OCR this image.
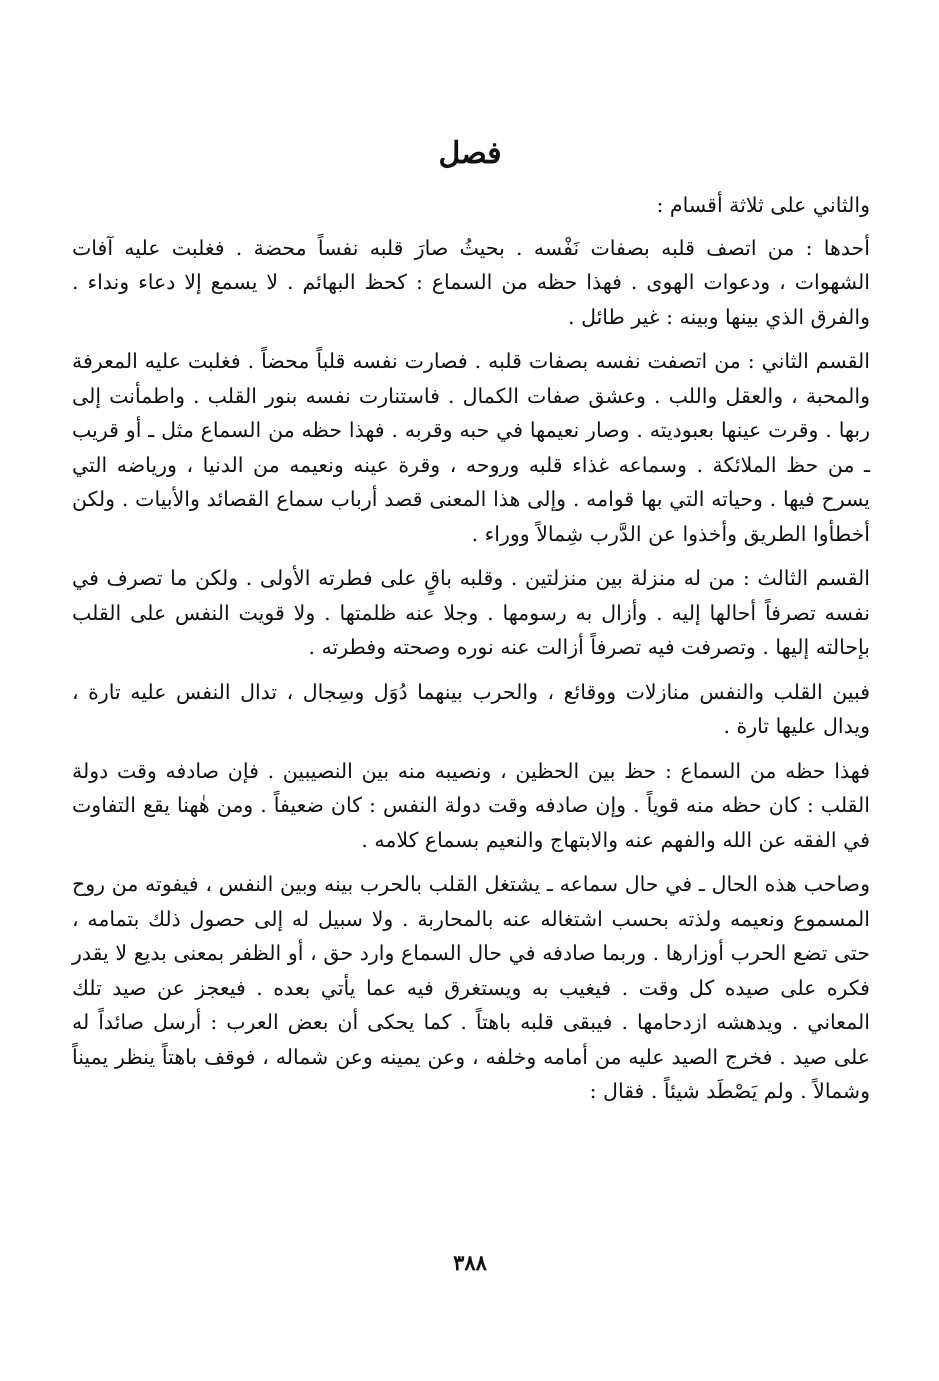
فصل

والثاني على ثلاثة أقسام :

أحدها : من اتصف قلبه بصفات نَفْسه . بحيثُ صارَ قلبه نفساً محضة . فغلبت عليه آفات الشهوات ، ودعوات الهوى . فهذا حظه من السماع : كحظ البهائم . لا يسمع إلا دعاء ونداء . والفرق الذي بينها وبينه : غير طائل .

القسم الثاني : من اتصفت نفسه بصفات قلبه . فصارت نفسه قلباً محضاً . فغلبت عليه المعرفة والمحبة ، والعقل واللب . وعشق صفات الكمال . فاستنارت نفسه بنور القلب . واطمأنت إلى ربها . وقرت عينها بعبوديته . وصار نعيمها في حبه وقربه . فهذا حظه من السماع مثل ـ أو قريب ـ من حظ الملائكة . وسماعه غذاء قلبه وروحه ، وقرة عينه ونعيمه من الدنيا ، ورياضه التي يسرح فيها . وحياته التي بها قوامه . وإلى هذا المعنى قصد أرباب سماع القصائد والأبيات . ولكن أخطأوا الطريق وأخذوا عن الدَّرب شِمالاً ووراء .

القسم الثالث : من له منزلة بين منزلتين . وقلبه باقٍ على فطرته الأولى . ولكن ما تصرف في نفسه تصرفاً أحالها إليه . وأزال به رسومها . وجلا عنه ظلمتها . ولا قويت النفس على القلب بإحالته إليها . وتصرفت فيه تصرفاً أزالت عنه نوره وصحته وفطرته .

فبين القلب والنفس منازلات ووقائع ، والحرب بينهما دُوَل وسِجال ، تدال النفس عليه تارة ، ويدال عليها تارة .

فهذا حظه من السماع : حظ بين الحظين ، ونصيبه منه بين النصيبين . فإن صادفه وقت دولة القلب : كان حظه منه قوياً . وإن صادفه وقت دولة النفس : كان ضعيفاً . ومن هٰهنا يقع التفاوت في الفقه عن الله والفهم عنه والابتهاج والنعيم بسماع كلامه .

وصاحب هذه الحال ـ في حال سماعه ـ يشتغل القلب بالحرب بينه وبين النفس ، فيفوته من روح المسموع ونعيمه ولذته بحسب اشتغاله عنه بالمحاربة . ولا سبيل له إلى حصول ذلك بتمامه ، حتى تضع الحرب أوزارها . وربما صادفه في حال السماع وارد حق ، أو الظفر بمعنى بديع لا يقدر فكره على صيده كل وقت . فيغيب به ويستغرق فيه عما يأتي بعده . فيعجز عن صيد تلك المعاني . ويدهشه ازدحامها . فيبقى قلبه باهتاً . كما يحكى أن بعض العرب : أرسل صائداً له على صيد . فخرج الصيد عليه من أمامه وخلفه ، وعن يمينه وعن شماله ، فوقف باهتاً ينظر يميناً وشمالاً . ولم يَصْطَد شيئاً . فقال :

٣٨٨
